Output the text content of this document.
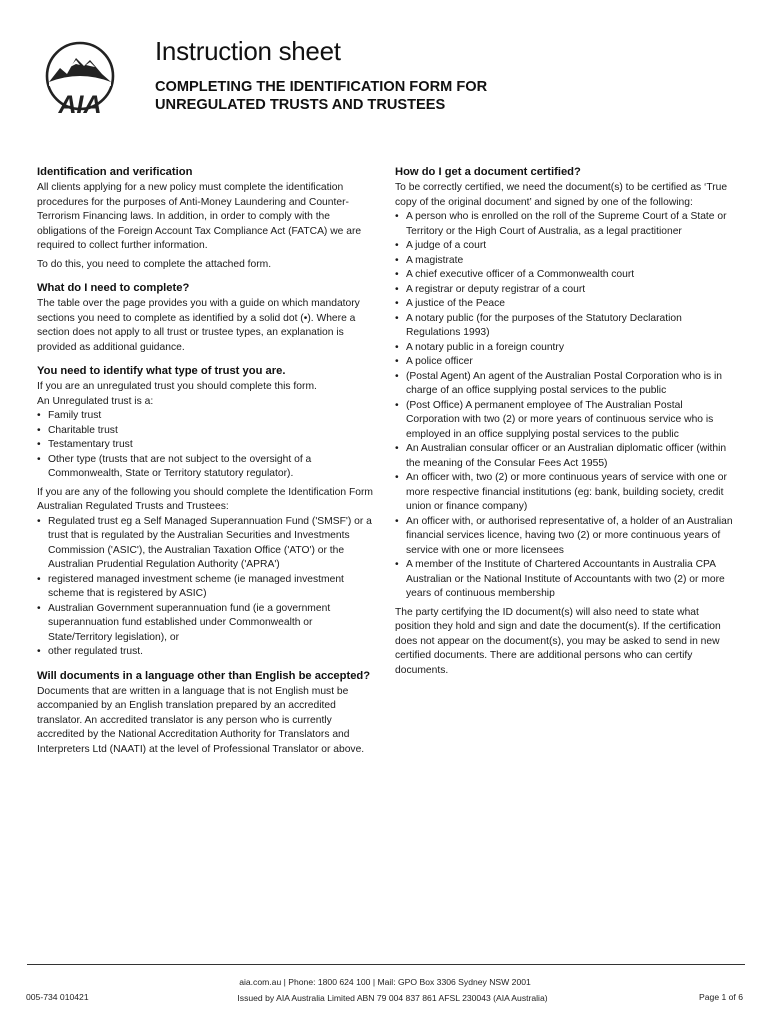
AIA
Instruction sheet
COMPLETING THE IDENTIFICATION FORM FOR
UNREGULATED TRUSTS AND TRUSTEES
Identification and verification

All clients applying for a new policy must complete the identification procedures for the purposes of Anti-Money Laundering and Counter-Terrorism Financing laws. In addition, in order to comply with the obligations of the Foreign Account Tax Compliance Act (FATCA) we are required to collect further information.

To do this, you need to complete the attached form.

What do I need to complete?

The table over the page provides you with a guide on which mandatory sections you need to complete as identified by a solid dot (•). Where a section does not apply to all trust or trustee types, an explanation is provided as additional guidance.

You need to identify what type of trust you are.

If you are an unregulated trust you should complete this form.

An Unregulated trust is a:

• Family trust
• Charitable trust
• Testamentary trust
• Other type (trusts that are not subject to the oversight of a Commonwealth, State or Territory statutory regulator).

If you are any of the following you should complete the Identification Form Australian Regulated Trusts and Trustees:

• Regulated trust eg a Self Managed Superannuation Fund ('SMSF') or a trust that is regulated by the Australian Securities and Investments Commission ('ASIC'), the Australian Taxation Office ('ATO') or the Australian Prudential Regulation Authority ('APRA')
• registered managed investment scheme (ie managed investment scheme that is registered by ASIC)
• Australian Government superannuation fund (ie a government superannuation fund established under Commonwealth or State/Territory legislation), or
• other regulated trust.
Will documents in a language other than English be accepted?

Documents that are written in a language that is not English must be accompanied by an English translation prepared by an accredited translator. An accredited translator is any person who is currently accredited by the National Accreditation Authority for Translators and Interpreters Ltd (NAATI) at the level of Professional Translator or above.

How do I get a document certified?

To be correctly certified, we need the document(s) to be certified as ‘True copy of the original document’ and signed by one of the following:

• A person who is enrolled on the roll of the Supreme Court of a State or Territory or the High Court of Australia, as a legal practitioner
• A judge of a court
• A magistrate
• A chief executive officer of a Commonwealth court
• A registrar or deputy registrar of a court
• A justice of the Peace
• A notary public (for the purposes of the Statutory Declaration Regulations 1993)
• A notary public in a foreign country
• A police officer
• (Postal Agent) An agent of the Australian Postal Corporation who is in charge of an office supplying postal services to the public
• (Post Office) A permanent employee of The Australian Postal Corporation with two (2) or more years of continuous service who is employed in an office supplying postal services to the public
• An Australian consular officer or an Australian diplomatic officer (within the meaning of the Consular Fees Act 1955)
• An officer with, two (2) or more continuous years of service with one or more respective financial institutions (eg: bank, building society, credit union or finance company)
• An officer with, or authorised representative of, a holder of an Australian financial services licence, having two (2) or more continuous years of service with one or more licensees
• A member of the Institute of Chartered Accountants in Australia CPA Australian or the National Institute of Accountants with two (2) or more years of continuous membership

The party certifying the ID document(s) will also need to state what position they hold and sign and date the document(s). If the certification does not appear on the document(s), you may be asked to send in new certified documents. There are additional persons who can certify documents.

aia.com.au | Phone: 1800 624 100 | Mail: GPO Box 3306 Sydney NSW 2001
005-734 010421	Issued by AIA Australia Limited ABN 79 004 837 861 AFSL 230043 (AIA Australia)	Page 1 of 6
